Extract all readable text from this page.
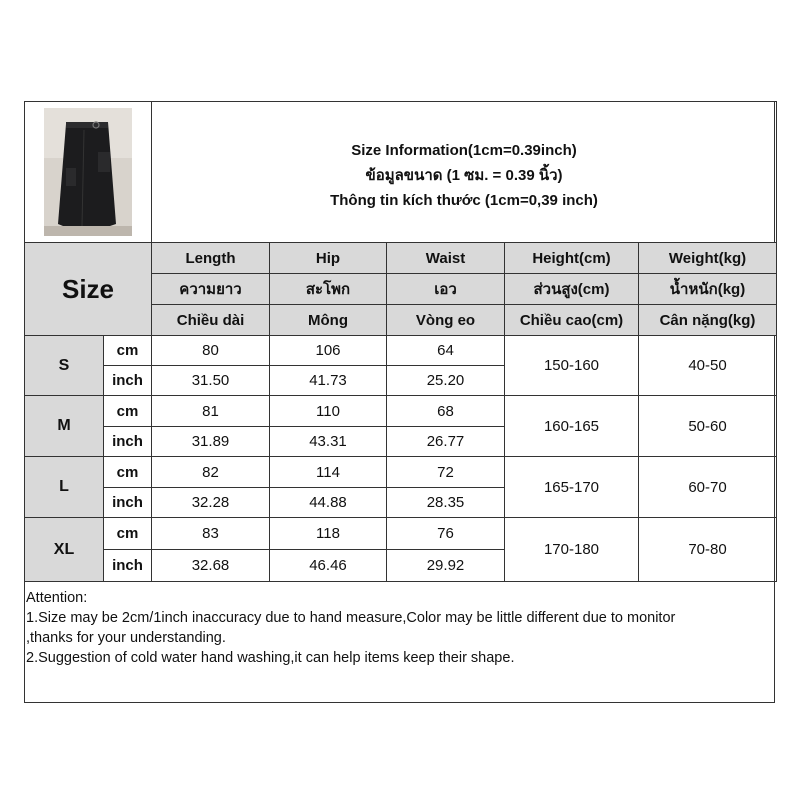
Size Information(1cm=0.39inch)
ข้อมูลขนาด (1 ซม. = 0.39 นิ้ว)
Thông tin kích thước (1cm=0,39 inch)				

Size		Length	Hip	Waist	Height(cm)	Weight(kg)
		ความยาว	สะโพก	เอว	ส่วนสูง(cm)	น้ำหนัก(kg)
		Chiều dài	Mông	Vòng eo	Chiều cao(cm)	Cân nặng(kg)
S	cm	80	106	64	150-160	40-50
	inch	31.50	41.73	25.20		
M	cm	81	110	68	160-165	50-60
	inch	31.89	43.31	26.77		
L	cm	82	114	72	165-170	60-70
	inch	32.28	44.88	28.35		
XL	cm	83	118	76	170-180	70-80
	inch	32.68	46.46	29.92		
Attention:
1.Size may be 2cm/1inch inaccuracy due to hand measure,Color may be little different due to monitor
,thanks for your understanding.
2.Suggestion of cold water hand washing,it can help items keep their shape.
